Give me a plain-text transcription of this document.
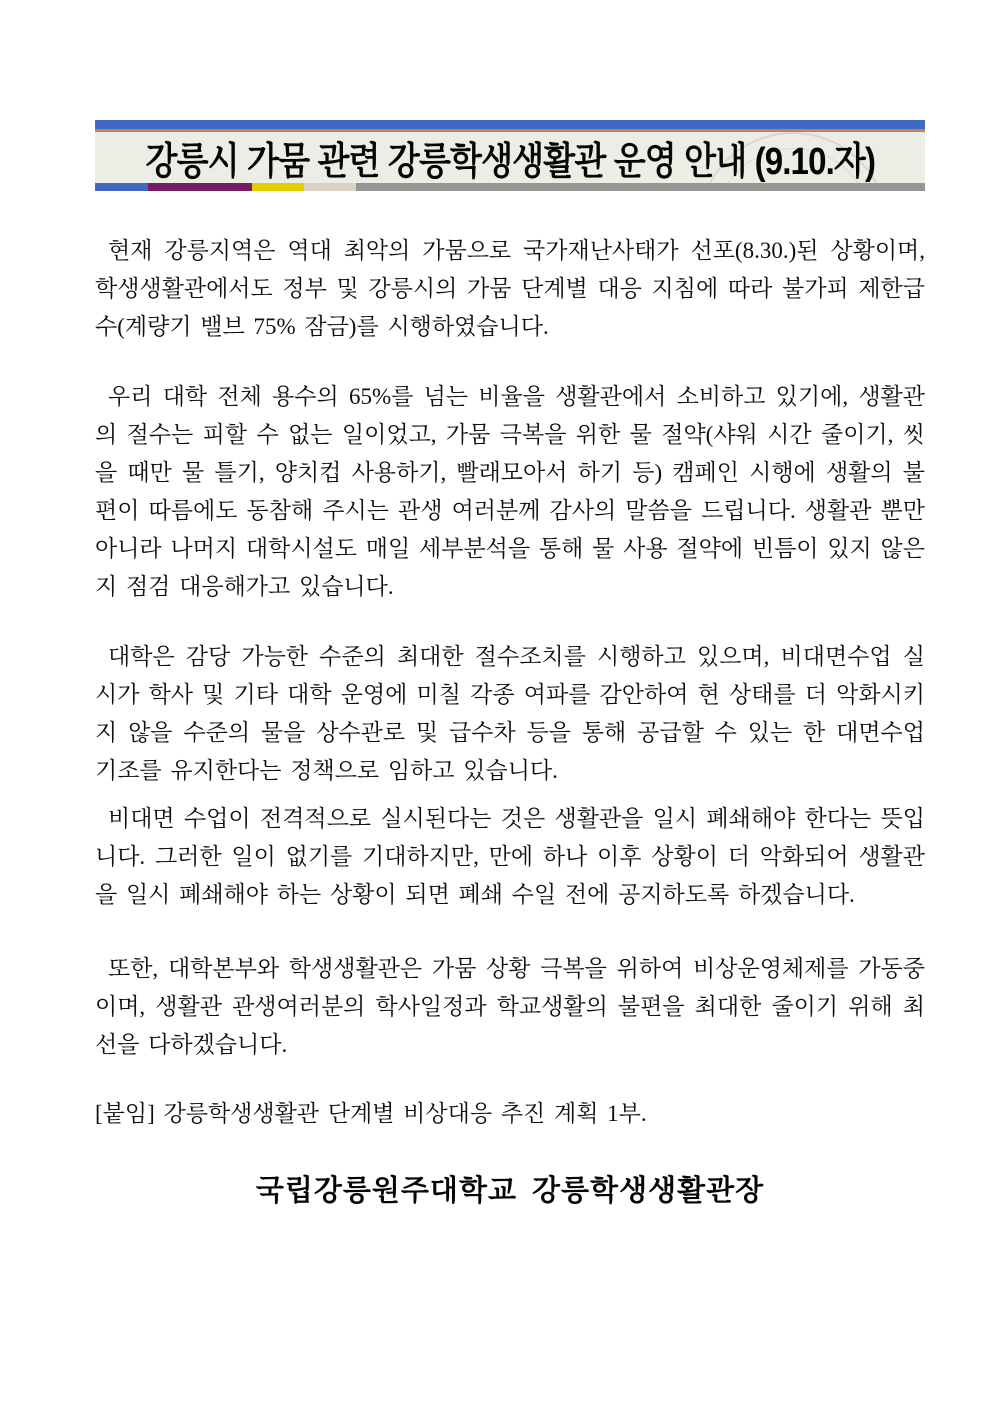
강릉시 가뭄 관련 강릉학생생활관 운영 안내 (9.10.자)

현재 강릉지역은 역대 최악의 가뭄으로 국가재난사태가 선포(8.30.)된 상황이며, 학생생활관에서도 정부 및 강릉시의 가뭄 단계별 대응 지침에 따라 불가피 제한급수(계량기 밸브 75% 잠금)를 시행하였습니다.

우리 대학 전체 용수의 65%를 넘는 비율을 생활관에서 소비하고 있기에, 생활관의 절수는 피할 수 없는 일이었고, 가뭄 극복을 위한 물 절약(샤워 시간 줄이기, 씻을 때만 물 틀기, 양치컵 사용하기, 빨래모아서 하기 등) 캠페인 시행에 생활의 불편이 따름에도 동참해 주시는 관생 여러분께 감사의 말씀을 드립니다. 생활관 뿐만 아니라 나머지 대학시설도 매일 세부분석을 통해 물 사용 절약에 빈틈이 있지 않은지 점검 대응해가고 있습니다.

대학은 감당 가능한 수준의 최대한 절수조치를 시행하고 있으며, 비대면수업 실시가 학사 및 기타 대학 운영에 미칠 각종 여파를 감안하여 현 상태를 더 악화시키지 않을 수준의 물을 상수관로 및 급수차 등을 통해 공급할 수 있는 한 대면수업 기조를 유지한다는 정책으로 임하고 있습니다.

비대면 수업이 전격적으로 실시된다는 것은 생활관을 일시 폐쇄해야 한다는 뜻입니다. 그러한 일이 없기를 기대하지만, 만에 하나 이후 상황이 더 악화되어 생활관을 일시 폐쇄해야 하는 상황이 되면 폐쇄 수일 전에 공지하도록 하겠습니다.

또한, 대학본부와 학생생활관은 가뭄 상황 극복을 위하여 비상운영체제를 가동중이며, 생활관 관생여러분의 학사일정과 학교생활의 불편을 최대한 줄이기 위해 최선을 다하겠습니다.

[붙임] 강릉학생생활관 단계별 비상대응 추진 계획 1부.

국립강릉원주대학교 강릉학생생활관장
